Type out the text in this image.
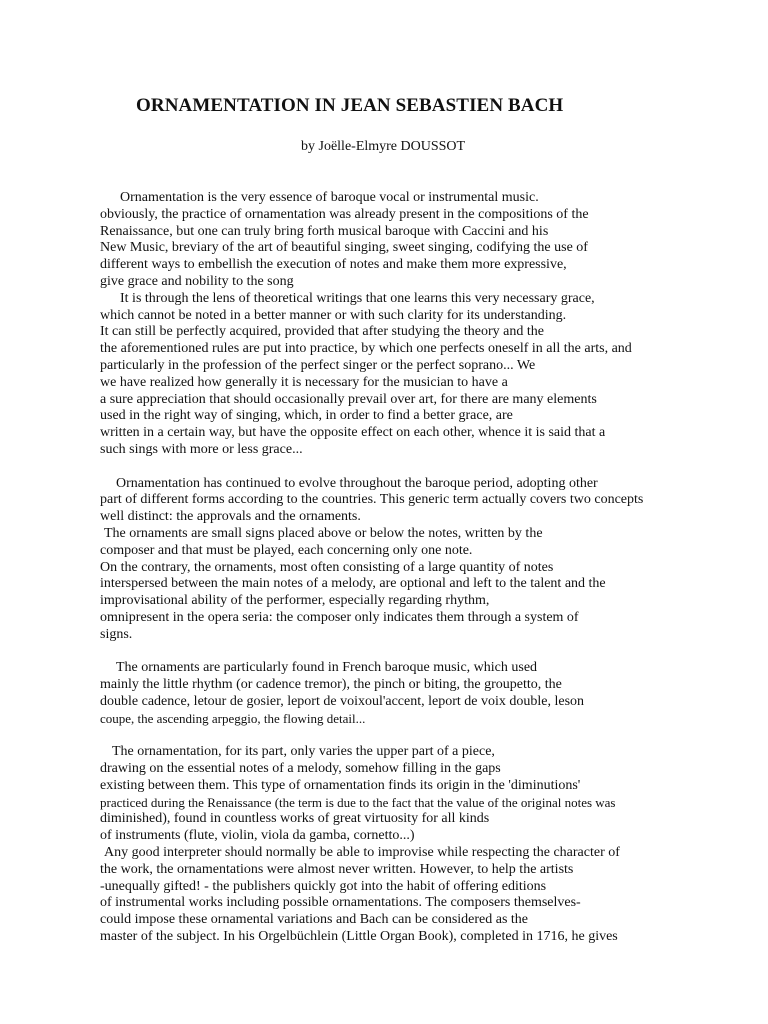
ORNAMENTATION IN JEAN SEBASTIEN BACH

by Joëlle-Elmyre DOUSSOT

Ornamentation is the very essence of baroque vocal or instrumental music.
obviously, the practice of ornamentation was already present in the compositions of the
Renaissance, but one can truly bring forth musical baroque with Caccini and his
New Music, breviary of the art of beautiful singing, sweet singing, codifying the use of
different ways to embellish the execution of notes and make them more expressive,
give grace and nobility to the song
It is through the lens of theoretical writings that one learns this very necessary grace,
which cannot be noted in a better manner or with such clarity for its understanding.
It can still be perfectly acquired, provided that after studying the theory and the
the aforementioned rules are put into practice, by which one perfects oneself in all the arts, and
particularly in the profession of the perfect singer or the perfect soprano... We
we have realized how generally it is necessary for the musician to have a
a sure appreciation that should occasionally prevail over art, for there are many elements
used in the right way of singing, which, in order to find a better grace, are
written in a certain way, but have the opposite effect on each other, whence it is said that a
such sings with more or less grace...
Ornamentation has continued to evolve throughout the baroque period, adopting other
part of different forms according to the countries. This generic term actually covers two concepts
well distinct: the approvals and the ornaments.
The ornaments are small signs placed above or below the notes, written by the
composer and that must be played, each concerning only one note.
On the contrary, the ornaments, most often consisting of a large quantity of notes
interspersed between the main notes of a melody, are optional and left to the talent and the
improvisational ability of the performer, especially regarding rhythm,
omnipresent in the opera seria: the composer only indicates them through a system of
signs.
The ornaments are particularly found in French baroque music, which used
mainly the little rhythm (or cadence tremor), the pinch or biting, the groupetto, the
double cadence, letour de gosier, leport de voixoul'accent, leport de voix double, leson
coupe, the ascending arpeggio, the flowing detail...
The ornamentation, for its part, only varies the upper part of a piece,
drawing on the essential notes of a melody, somehow filling in the gaps
existing between them. This type of ornamentation finds its origin in the 'diminutions'
practiced during the Renaissance (the term is due to the fact that the value of the original notes was
diminished), found in countless works of great virtuosity for all kinds
of instruments (flute, violin, viola da gamba, cornetto...)
Any good interpreter should normally be able to improvise while respecting the character of
the work, the ornamentations were almost never written. However, to help the artists
-unequally gifted! - the publishers quickly got into the habit of offering editions
of instrumental works including possible ornamentations. The composers themselves-
could impose these ornamental variations and Bach can be considered as the
master of the subject. In his Orgelbüchlein (Little Organ Book), completed in 1716, he gives
